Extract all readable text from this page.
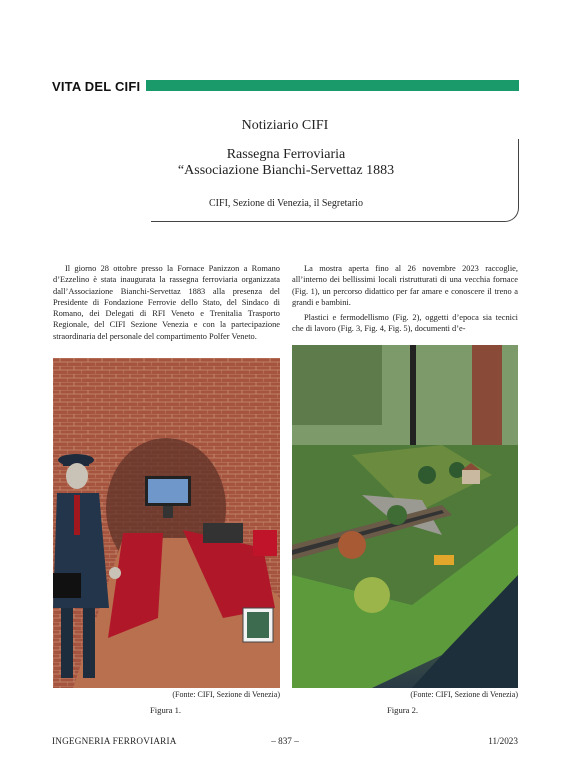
VITA DEL CIFI
Notiziario CIFI
Rassegna Ferroviaria
“Associazione Bianchi-Servettaz 1883
CIFI, Sezione di Venezia, il Segretario

Il giorno 28 ottobre presso la Fornace Panizzon a Romano d’Ezzelino è stata inaugurata la rassegna ferroviaria organizzata dall’Associazione Bianchi-Servettaz 1883 alla presenza del Presidente di Fondazione Ferrovie dello Stato, del Sindaco di Romano, dei Delegati di RFI Veneto e Trenitalia Trasporto Regionale, del CIFI Sezione Venezia e con la partecipazione straordinaria del personale del compartimento Polfer Veneto.

La mostra aperta fino al 26 novembre 2023 raccoglie, all’interno dei bellissimi locali ristrutturati di una vecchia fornace (Fig. 1), un percorso didattico per far amare e conoscere il treno a grandi e bambini.

Plastici e fermodellismo (Fig. 2), oggetti d’epoca sia tecnici che di lavoro (Fig. 3, Fig. 4, Fig. 5), documenti d’e-

(Fonte: CIFI, Sezione di Venezia)	(Fonte: CIFI, Sezione di Venezia)
Figura 1.	Figura 2.
INGEGNERIA FERROVIARIA	– 837 –	11/2023
